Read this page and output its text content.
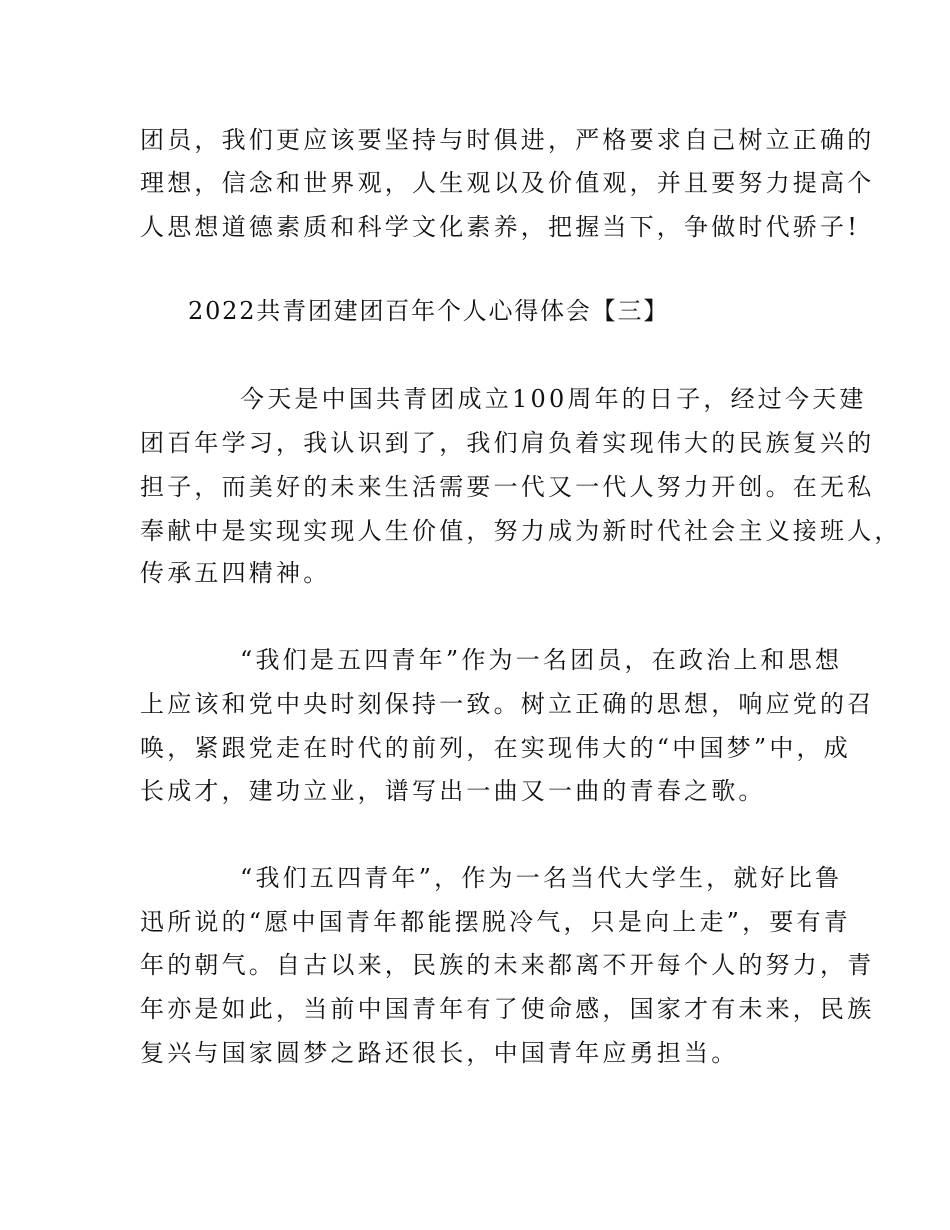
团员，我们更应该要坚持与时俱进，严格要求自己树立正确的
理想，信念和世界观，人生观以及价值观，并且要努力提高个
人思想道德素质和科学文化素养，把握当下，争做时代骄子!
2022共青团建团百年个人心得体会【三】
今天是中国共青团成立100周年的日子，经过今天建
团百年学习，我认识到了，我们肩负着实现伟大的民族复兴的
担子，而美好的未来生活需要一代又一代人努力开创。在无私
奉献中是实现实现人生价值，努力成为新时代社会主义接班人，
传承五四精神。
“我们是五四青年”作为一名团员，在政治上和思想
上应该和党中央时刻保持一致。树立正确的思想，响应党的召
唤，紧跟党走在时代的前列，在实现伟大的“中国梦”中，成
长成才，建功立业，谱写出一曲又一曲的青春之歌。
“我们五四青年”，作为一名当代大学生，就好比鲁
迅所说的“愿中国青年都能摆脱冷气，只是向上走”，要有青
年的朝气。自古以来，民族的未来都离不开每个人的努力，青
年亦是如此，当前中国青年有了使命感，国家才有未来，民族
复兴与国家圆梦之路还很长，中国青年应勇担当。
